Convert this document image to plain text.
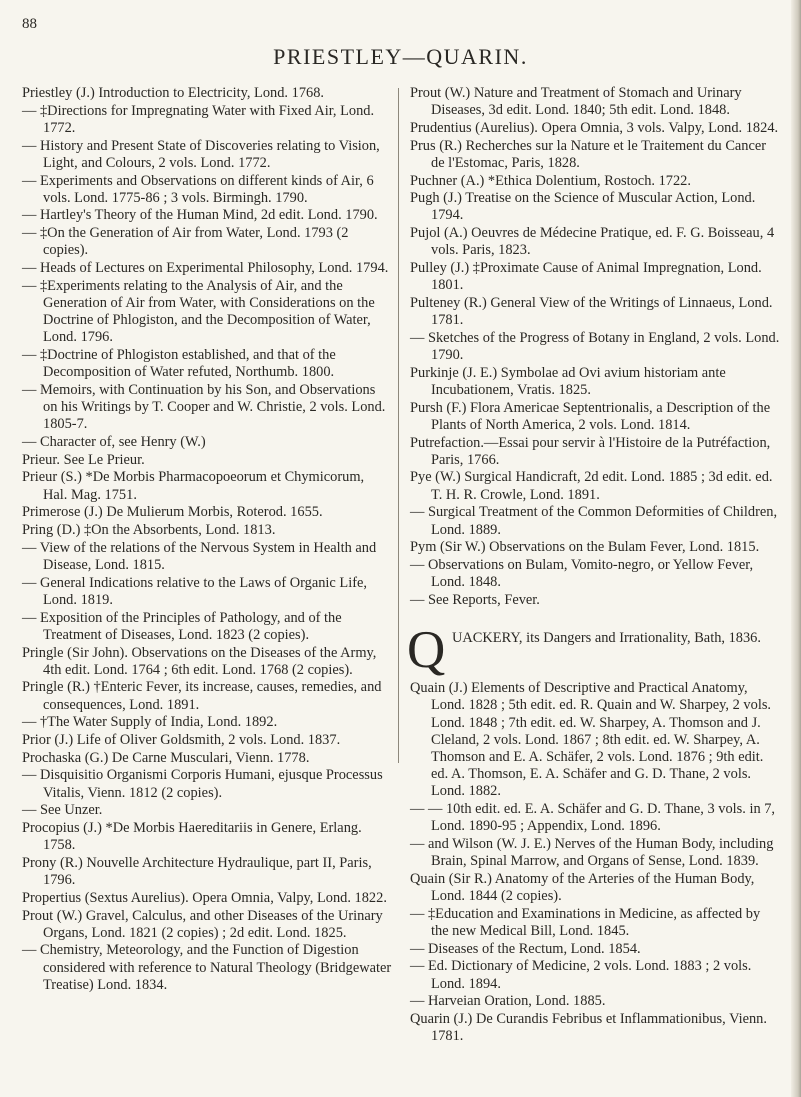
88
PRIESTLEY—QUARIN.

Priestley (J.) Introduction to Electricity, Lond. 1768.

— ‡Directions for Impregnating Water with Fixed Air, Lond. 1772.

— History and Present State of Discoveries relating to Vision, Light, and Colours, 2 vols. Lond. 1772.

— Experiments and Observations on different kinds of Air, 6 vols. Lond. 1775-86 ; 3 vols. Birmingh. 1790.

— Hartley's Theory of the Human Mind, 2d edit. Lond. 1790.

— ‡On the Generation of Air from Water, Lond. 1793 (2 copies).

— Heads of Lectures on Experimental Philosophy, Lond. 1794.

— ‡Experiments relating to the Analysis of Air, and the Generation of Air from Water, with Considerations on the Doctrine of Phlogiston, and the Decomposition of Water, Lond. 1796.

— ‡Doctrine of Phlogiston established, and that of the Decomposition of Water refuted, Northumb. 1800.

— Memoirs, with Continuation by his Son, and Observations on his Writings by T. Cooper and W. Christie, 2 vols. Lond. 1805-7.

— Character of, see Henry (W.)

Prieur. See Le Prieur.

Prieur (S.) *De Morbis Pharmacopoeorum et Chymicorum, Hal. Mag. 1751.

Primerose (J.) De Mulierum Morbis, Roterod. 1655.

Pring (D.) ‡On the Absorbents, Lond. 1813.

— View of the relations of the Nervous System in Health and Disease, Lond. 1815.

— General Indications relative to the Laws of Organic Life, Lond. 1819.

— Exposition of the Principles of Pathology, and of the Treatment of Diseases, Lond. 1823 (2 copies).

Pringle (Sir John). Observations on the Diseases of the Army, 4th edit. Lond. 1764 ; 6th edit. Lond. 1768 (2 copies).

Pringle (R.) †Enteric Fever, its increase, causes, remedies, and consequences, Lond. 1891.

— †The Water Supply of India, Lond. 1892.

Prior (J.) Life of Oliver Goldsmith, 2 vols. Lond. 1837.

Prochaska (G.) De Carne Musculari, Vienn. 1778.

— Disquisitio Organismi Corporis Humani, ejusque Processus Vitalis, Vienn. 1812 (2 copies).

— See Unzer.

Procopius (J.) *De Morbis Haereditariis in Genere, Erlang. 1758.

Prony (R.) Nouvelle Architecture Hydraulique, part II, Paris, 1796.

Propertius (Sextus Aurelius). Opera Omnia, Valpy, Lond. 1822.

Prout (W.) Gravel, Calculus, and other Diseases of the Urinary Organs, Lond. 1821 (2 copies) ; 2d edit. Lond. 1825.

— Chemistry, Meteorology, and the Function of Digestion considered with reference to Natural Theology (Bridgewater Treatise) Lond. 1834.

Prout (W.) Nature and Treatment of Stomach and Urinary Diseases, 3d edit. Lond. 1840; 5th edit. Lond. 1848.

Prudentius (Aurelius). Opera Omnia, 3 vols. Valpy, Lond. 1824.

Prus (R.) Recherches sur la Nature et le Traitement du Cancer de l'Estomac, Paris, 1828.

Puchner (A.) *Ethica Dolentium, Rostoch. 1722.

Pugh (J.) Treatise on the Science of Muscular Action, Lond. 1794.

Pujol (A.) Oeuvres de Médecine Pratique, ed. F. G. Boisseau, 4 vols. Paris, 1823.

Pulley (J.) ‡Proximate Cause of Animal Impregnation, Lond. 1801.

Pulteney (R.) General View of the Writings of Linnaeus, Lond. 1781.

— Sketches of the Progress of Botany in England, 2 vols. Lond. 1790.

Purkinje (J. E.) Symbolae ad Ovi avium historiam ante Incubationem, Vratis. 1825.

Pursh (F.) Flora Americae Septentrionalis, a Description of the Plants of North America, 2 vols. Lond. 1814.

Putrefaction.—Essai pour servir à l'Histoire de la Putréfaction, Paris, 1766.

Pye (W.) Surgical Handicraft, 2d edit. Lond. 1885 ; 3d edit. ed. T. H. R. Crowle, Lond. 1891.

— Surgical Treatment of the Common Deformities of Children, Lond. 1889.

Pym (Sir W.) Observations on the Bulam Fever, Lond. 1815.

— Observations on Bulam, Vomito-negro, or Yellow Fever, Lond. 1848.

— See Reports, Fever.

Q UACKERY, its Dangers and Irrationality, Bath, 1836.

Quain (J.) Elements of Descriptive and Practical Anatomy, Lond. 1828 ; 5th edit. ed. R. Quain and W. Sharpey, 2 vols. Lond. 1848 ; 7th edit. ed. W. Sharpey, A. Thomson and J. Cleland, 2 vols. Lond. 1867 ; 8th edit. ed. W. Sharpey, A. Thomson and E. A. Schäfer, 2 vols. Lond. 1876 ; 9th edit. ed. A. Thomson, E. A. Schäfer and G. D. Thane, 2 vols. Lond. 1882.

— — 10th edit. ed. E. A. Schäfer and G. D. Thane, 3 vols. in 7, Lond. 1890-95 ; Appendix, Lond. 1896.

— and Wilson (W. J. E.) Nerves of the Human Body, including Brain, Spinal Marrow, and Organs of Sense, Lond. 1839.

Quain (Sir R.) Anatomy of the Arteries of the Human Body, Lond. 1844 (2 copies).

— ‡Education and Examinations in Medicine, as affected by the new Medical Bill, Lond. 1845.

— Diseases of the Rectum, Lond. 1854.

— Ed. Dictionary of Medicine, 2 vols. Lond. 1883 ; 2 vols. Lond. 1894.

— Harveian Oration, Lond. 1885.

Quarin (J.) De Curandis Febribus et Inflammationibus, Vienn. 1781.
